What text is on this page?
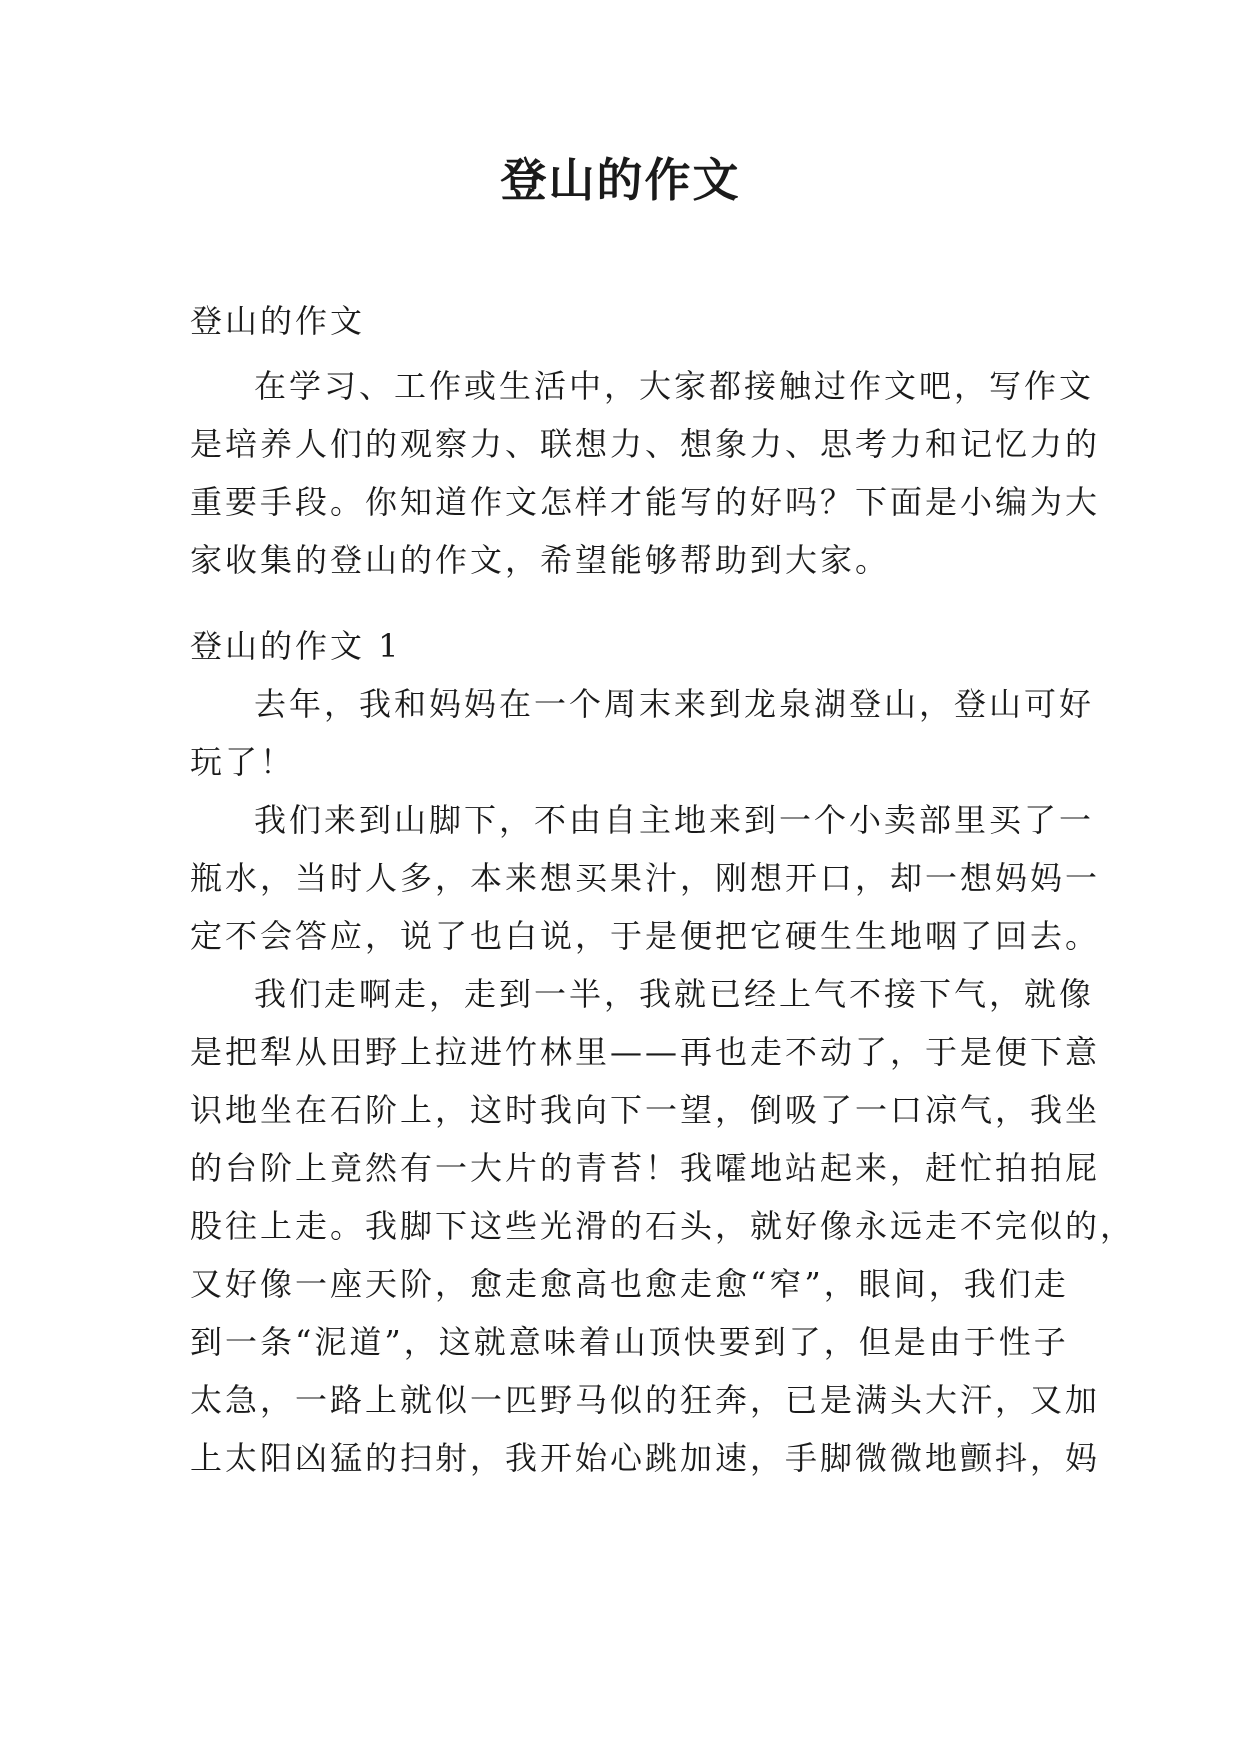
登山的作文
登山的作文
在学习、工作或生活中，大家都接触过作文吧，写作文
是培养人们的观察力、联想力、想象力、思考力和记忆力的
重要手段。你知道作文怎样才能写的好吗？下面是小编为大
家收集的登山的作文，希望能够帮助到大家。
登山的作文 1
去年，我和妈妈在一个周末来到龙泉湖登山，登山可好
玩了！
我们来到山脚下，不由自主地来到一个小卖部里买了一
瓶水，当时人多，本来想买果汁，刚想开口，却一想妈妈一
定不会答应，说了也白说，于是便把它硬生生地咽了回去。
我们走啊走，走到一半，我就已经上气不接下气，就像
是把犁从田野上拉进竹林里——再也走不动了，于是便下意
识地坐在石阶上，这时我向下一望，倒吸了一口凉气，我坐
的台阶上竟然有一大片的青苔！我嚯地站起来，赶忙拍拍屁
股往上走。我脚下这些光滑的石头，就好像永远走不完似的，
又好像一座天阶，愈走愈高也愈走愈“窄”，眼间，我们走
到一条“泥道”，这就意味着山顶快要到了，但是由于性子
太急，一路上就似一匹野马似的狂奔，已是满头大汗，又加
上太阳凶猛的扫射，我开始心跳加速，手脚微微地颤抖，妈
